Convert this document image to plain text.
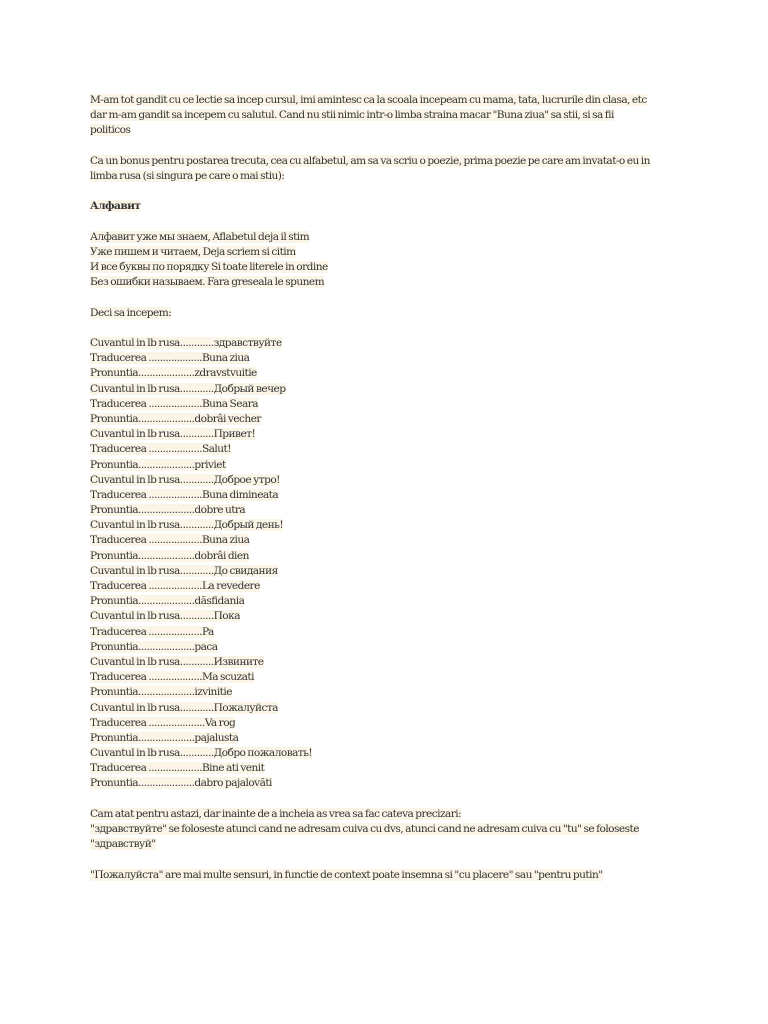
M-am tot gandit cu ce lectie sa incep cursul, imi amintesc ca la scoala incepeam cu mama, tata, lucrurile din clasa, etc
dar m-am gandit sa incepem cu salutul. Cand nu stii nimic intr-o limba straina macar "Buna ziua" sa stii, si sa fii
politicos
Ca un bonus pentru postarea trecuta, cea cu alfabetul, am sa va scriu o poezie, prima poezie pe care am invatat-o eu in
limba rusa (si singura pe care o mai stiu):
Алфавит
Алфавит уже мы знаем, Aflabetul deja il stim
Уже пишем и читаем, Deja scriem si citim
И все буквы по порядку Si toate literele in ordine
Без ошибки называем. Fara greseala le spunem
Deci sa incepem:
Cuvantul in lb rusa............здравствуйте
Traducerea ...................Buna ziua
Pronuntia....................zdravstvuitie
Cuvantul in lb rusa............Добрый вечер
Traducerea ...................Buna Seara
Pronuntia....................dobrâi vecher
Cuvantul in lb rusa............Привет!
Traducerea ...................Salut!
Pronuntia....................priviet
Cuvantul in lb rusa............Доброе утро!
Traducerea ...................Buna dimineata
Pronuntia....................dobre utra
Cuvantul in lb rusa............Добрый день!
Traducerea ...................Buna ziua
Pronuntia....................dobrâi dien
Cuvantul in lb rusa............До свидания
Traducerea ...................La revedere
Pronuntia....................dăsfidania
Cuvantul in lb rusa............Пока
Traducerea ...................Pa
Pronuntia....................paca
Cuvantul in lb rusa............Извините
Traducerea ...................Ma scuzati
Pronuntia....................izvinitie
Cuvantul in lb rusa............Пожалуйста
Traducerea ....................Va rog
Pronuntia....................pajalusta
Cuvantul in lb rusa............Добро пожаловать!
Traducerea ...................Bine ati venit
Pronuntia....................dabro pajalovăti
Cam atat pentru astazi, dar inainte de a incheia as vrea sa fac cateva precizari:
"здравствуйте" se foloseste atunci cand ne adresam cuiva cu dvs, atunci cand ne adresam cuiva cu "tu" se foloseste
"здравствуй"
"Пожалуйста" are mai multe sensuri, in functie de context poate insemna si "cu placere" sau "pentru putin"
